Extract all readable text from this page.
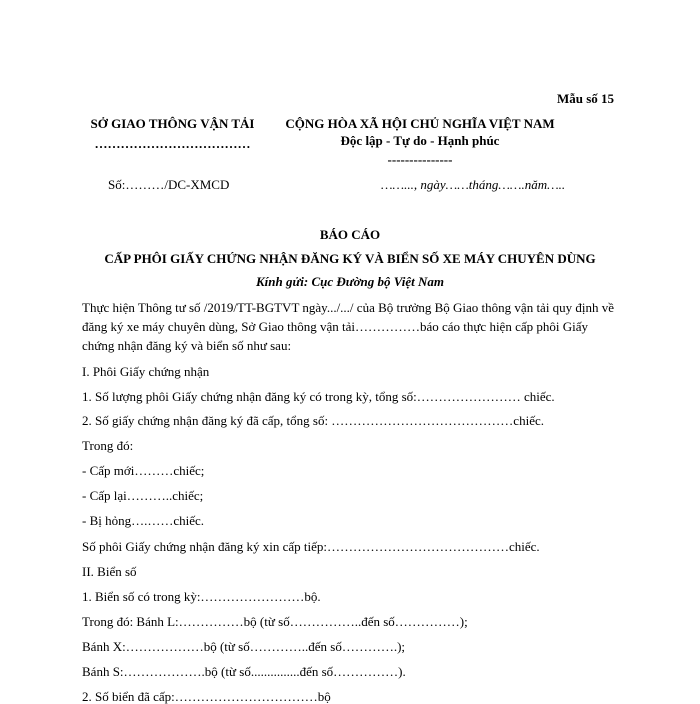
Mẫu số 15
SỞ GIAO THÔNG VẬN TẢI
………………………………
CỘNG HÒA XÃ HỘI CHỦ NGHĨA VIỆT NAM
Độc lập - Tự do - Hạnh phúc
---------------
Số:………/DC-XMCD	……..., ngày……tháng…….năm…..
BÁO CÁO
CẤP PHÔI GIẤY CHỨNG NHẬN ĐĂNG KÝ VÀ BIỂN SỐ XE MÁY CHUYÊN DÙNG
Kính gửi: Cục Đường bộ Việt Nam
Thực hiện Thông tư số /2019/TT-BGTVT ngày.../.../ của Bộ trưởng Bộ Giao thông vận tải quy định về đăng ký xe máy chuyên dùng, Sở Giao thông vận tải……………báo cáo thực hiện cấp phôi Giấy chứng nhận đăng ký và biển số như sau:
I. Phôi Giấy chứng nhận
1. Số lượng phôi Giấy chứng nhận đăng ký có trong kỳ, tổng số:…………………… chiếc.
2. Số giấy chứng nhận đăng ký đã cấp, tổng số: ……………………………………chiếc.
Trong đó:
- Cấp mới………chiếc;
- Cấp lại………..chiếc;
- Bị hỏng….……chiếc.
Số phôi Giấy chứng nhận đăng ký xin cấp tiếp:……………………………………chiếc.
II. Biển số
1. Biển số có trong kỳ:……………………bộ.
Trong đó: Bánh L:……………bộ (từ số……………..đến số……………);
Bánh X:………………bộ (từ số…………..đến số………….);
Bánh S:……………….bộ (từ số...............đến số……………).
2. Số biển đã cấp:……………………………bộ
